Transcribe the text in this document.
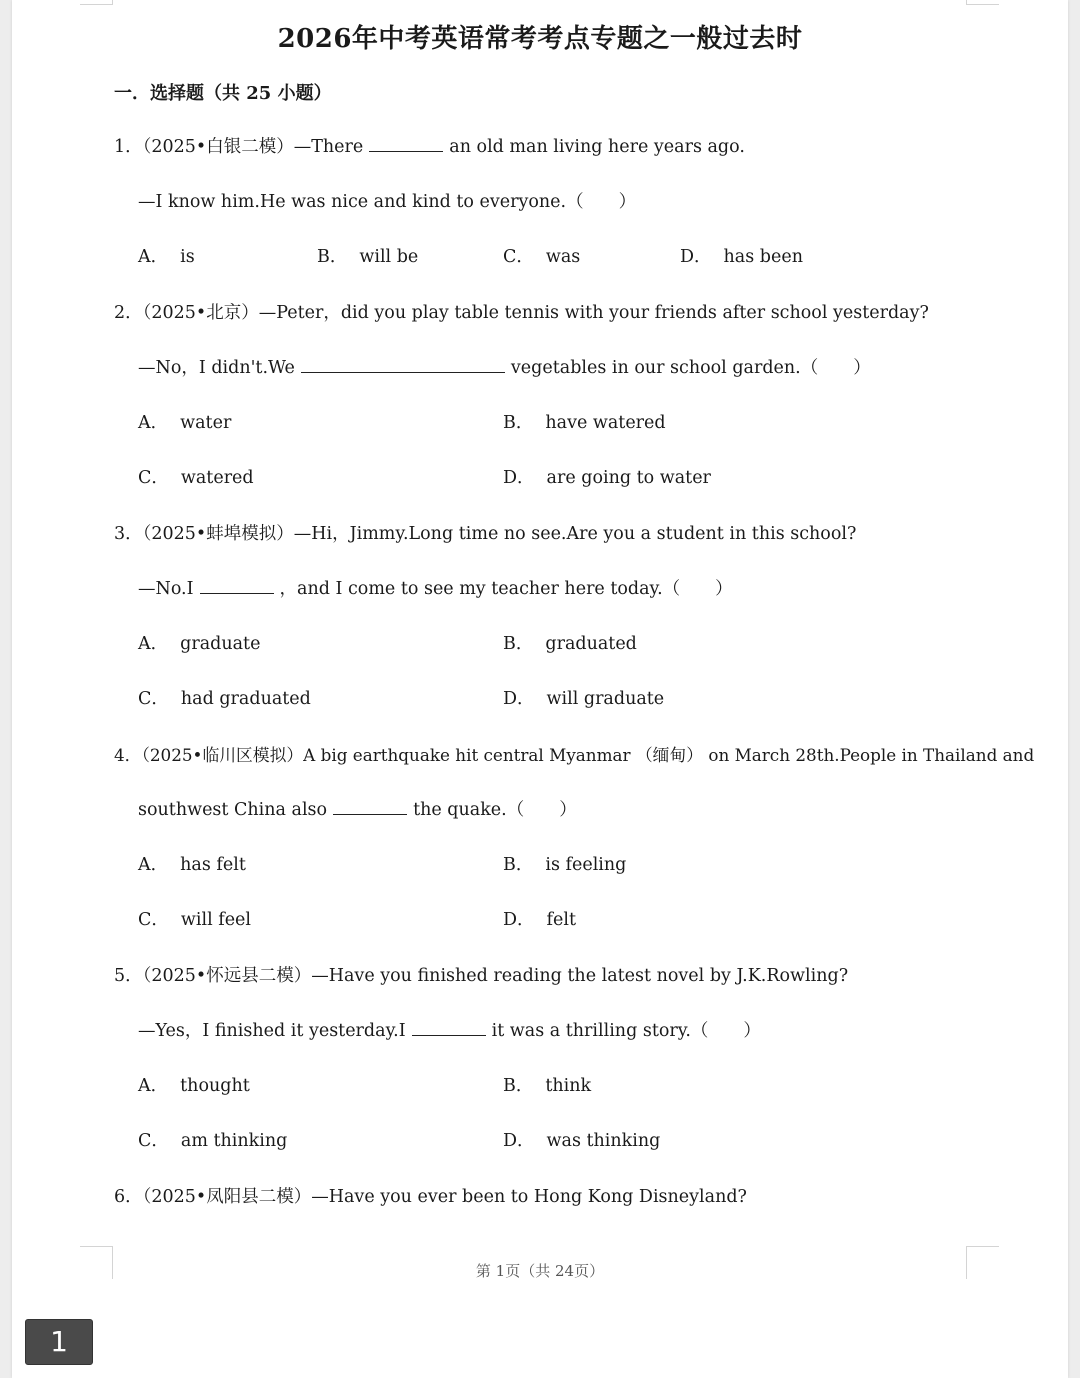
2026年中考英语常考考点专题之一般过去时
一．选择题（共 25 小题）
1．（2025•白银二模）—There	an old man living here years ago.
—I know him.He was nice and kind to everyone.（　　）
A． is	B． will be	C． was	D． has been
2．（2025•北京）—Peter，did you play table tennis with your friends after school yesterday?
—No，I didn't.We	vegetables in our school garden.（　　）
A． water	B． have watered
C． watered	D． are going to water
3．（2025•蚌埠模拟）—Hi，Jimmy.Long time no see.Are you a student in this school?
—No.I	，and I come to see my teacher here today.（　　）
A． graduate	B． graduated
C． had graduated	D． will graduate
4．（2025•临川区模拟）A big earthquake hit central Myanmar （缅甸） on March 28th.People in Thailand and
southwest China also	the quake.（　　）
A． has felt	B． is feeling
C． will feel	D． felt
5．（2025•怀远县二模）—Have you finished reading the latest novel by J.K.Rowling?
—Yes，I finished it yesterday.I	it was a thrilling story.（　　）
A． thought	B． think
C． am thinking	D． was thinking
6．（2025•凤阳县二模）—Have you ever been to Hong Kong Disneyland?
第 1页（共 24页）
1
